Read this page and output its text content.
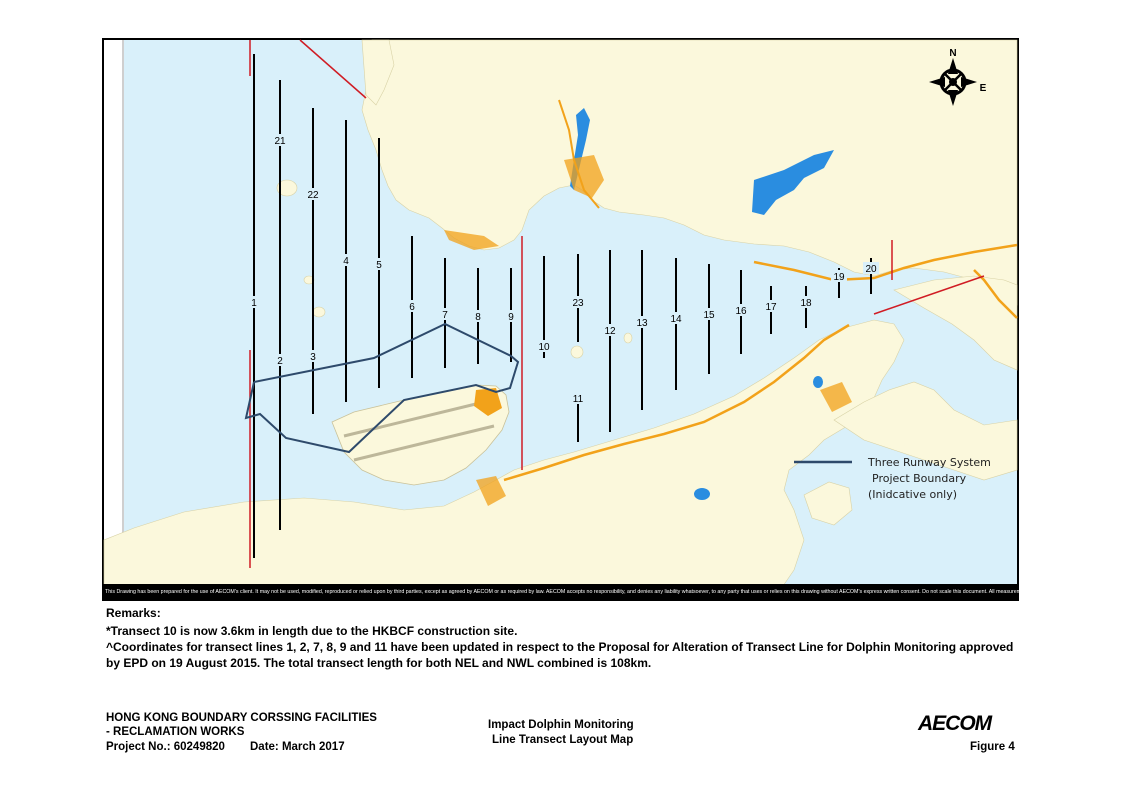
1
2	3
4	5
6
7	8	9
10
11
12
13 14 15 16 17 18
19
20
21
22
23
N
E
Three Runway System
Project Boundary
(Inidcative only)
This Drawing has been prepared for the use of AECOM's client. It may not be used, modified, reproduced or relied upon by third parties, except as agreed by AECOM or as required by law. AECOM accepts no responsibility, and denies any liability whatsoever, to any party that uses or relies on this drawing without AECOM's express written consent. Do not scale this document. All measurements must be obtained from the stated dimensions.
Remarks:
*Transect 10 is now 3.6km in length due to the HKBCF construction site.
^Coordinates for transect lines 1, 2, 7, 8, 9 and 11 have been updated in respect to the Proposal for Alteration of Transect Line for Dolphin Monitoring approved
by EPD on 19 August 2015. The total transect length for both NEL and NWL combined is 108km.
HONG KONG BOUNDARY CORSSING FACILITIES
- RECLAMATION WORKS
Project No.: 60249820 Date: March 2017
Impact Dolphin Monitoring
Line Transect Layout Map
AECOM
Figure 4
